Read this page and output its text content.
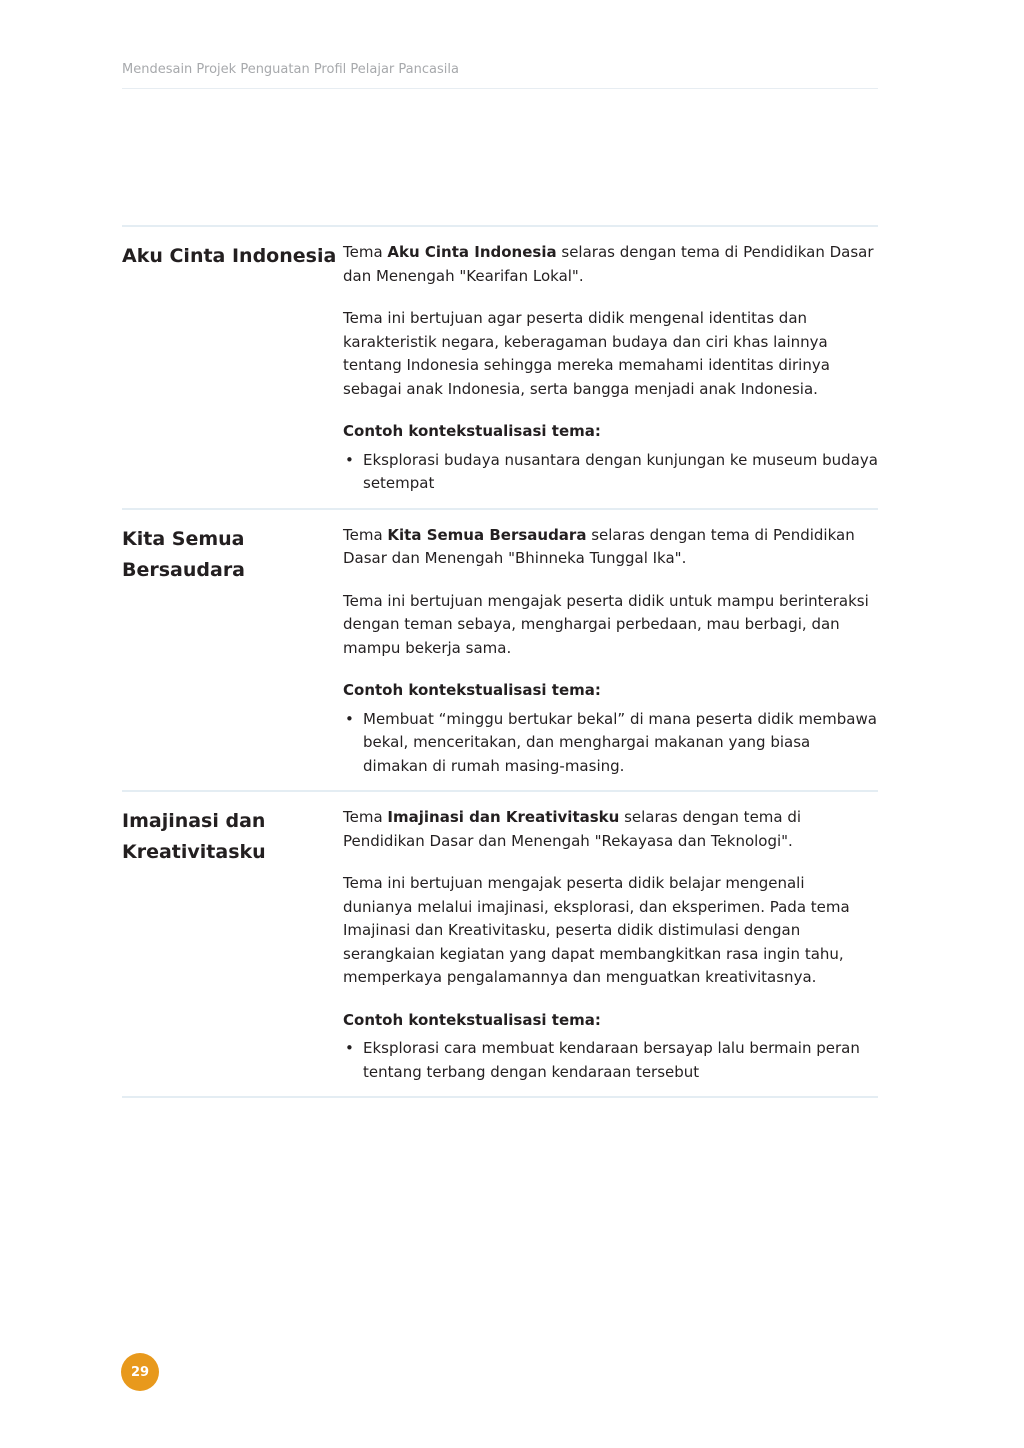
Mendesain Projek Penguatan Profil Pelajar Pancasila
Aku Cinta Indonesia Tema Aku Cinta Indonesia selaras dengan tema di Pendidikan Dasar dan Menengah "Kearifan Lokal".

Tema ini bertujuan agar peserta didik mengenal identitas dan karakteristik negara, keberagaman budaya dan ciri khas lainnya tentang Indonesia sehingga mereka memahami identitas dirinya sebagai anak Indonesia, serta bangga menjadi anak Indonesia.

Contoh kontekstualisasi tema:
• Eksplorasi budaya nusantara dengan kunjungan ke museum budaya setempat
Kita Semua Bersaudara

Tema Kita Semua Bersaudara selaras dengan tema di Pendidikan Dasar dan Menengah "Bhinneka Tunggal Ika".

Tema ini bertujuan mengajak peserta didik untuk mampu berinteraksi dengan teman sebaya, menghargai perbedaan, mau berbagi, dan mampu bekerja sama.

Contoh kontekstualisasi tema:
• Membuat “minggu bertukar bekal” di mana peserta didik membawa bekal, menceritakan, dan menghargai makanan yang biasa dimakan di rumah masing-masing.
Imajinasi dan Kreativitasku

Tema Imajinasi dan Kreativitasku selaras dengan tema di Pendidikan Dasar dan Menengah "Rekayasa dan Teknologi".

Tema ini bertujuan mengajak peserta didik belajar mengenali dunianya melalui imajinasi, eksplorasi, dan eksperimen. Pada tema Imajinasi dan Kreativitasku, peserta didik distimulasi dengan serangkaian kegiatan yang dapat membangkitkan rasa ingin tahu, memperkaya pengalamannya dan menguatkan kreativitasnya.

Contoh kontekstualisasi tema:
• Eksplorasi cara membuat kendaraan bersayap lalu bermain peran tentang terbang dengan kendaraan tersebut
29
